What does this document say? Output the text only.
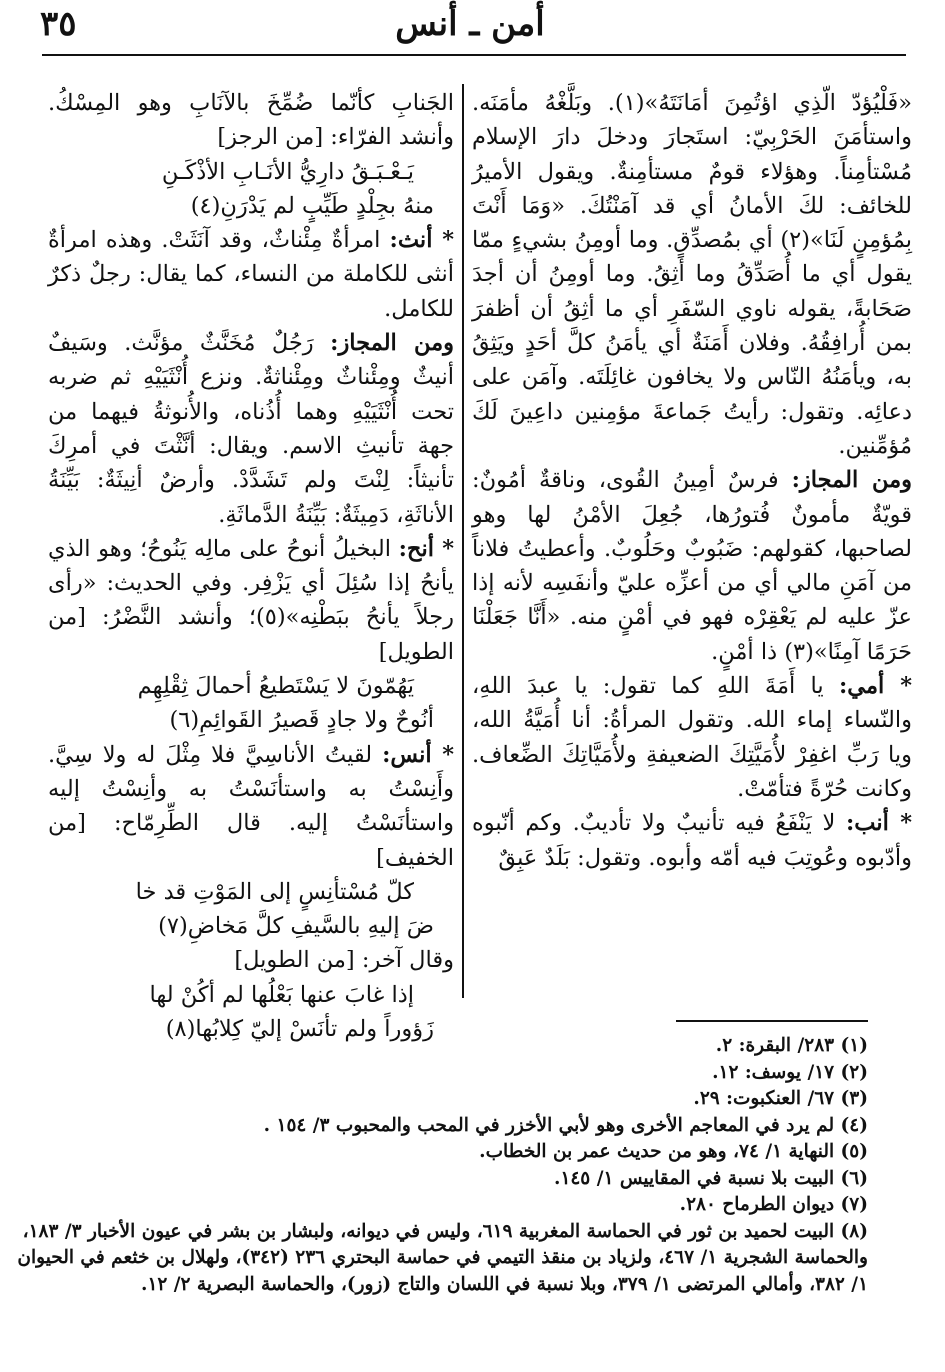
٣٥	أمن ـ أنس

«فَلْيُؤدّ الّذِي اؤتُمِنَ أمَانَتَهُ»(١). وبَلَّغْهُ مأمَنَه. واستأمَنَ الحَرْبِيّ: استَجارَ ودخلَ دارَ الإسلام مُسْتأمِناً. وهؤلاء قومٌ مستأمِنةٌ. ويقول الأميرُ للخائف: لكَ الأمانُ أي قد آمَنْتُكَ. «وَمَا أَنْتَ بِمُؤمِنٍ لَنَا»(٢) أي بمُصدِّقٍ. وما أومِنُ بشيءٍ ممّا يقول أي ما أُصَدِّقُ وما أثِقُ. وما أومِنُ أن أجدَ صَحَابةً، يقوله ناوي السّفَرِ أي ما أثِقُ أن أظفرَ بمن أُرافِقُهُ. وفلان أَمَنَةٌ أي يأمَنُ كلَّ أحَدٍ ويَثِقُ به، ويأمَنُهُ النّاس ولا يخافون غائِلَتَه. وآمَن على دعائِه. وتقول: رأيتُ جَماعةَ مؤمِنين داعِينَ لَكَ مُؤمِّنين.

ومن المجاز: فرسٌ أمِينُ القُوى، وناقةٌ أمُونٌ: قويّةٌ مأمونٌ فُتورُها، جُعِلَ الأمْنُ لها وهو لصاحبها، كقولهم: ضَبُوبٌ وحَلُوبٌ. وأعطيتُ فلاناً من آمَنِ مالي أي من أعزِّه عليّ وأنفَسِه لأنه إذا عزّ عليه لم يَعْقِرْه فهو في أمْنٍ منه. «أَنَّا جَعَلْنَا حَرَمًا آمِنًا»(٣) ذا أمْنٍ.

* أمي: يا أَمَةَ اللهِ كما تقول: يا عبدَ اللهِ، والنّساء إماء الله. وتقول المرأةُ: أنا أُمَيَّةُ الله، ويا رَبِّ اغفِرْ لأُمَيَّتِكَ الضعيفةِ ولأُمَيَّاتِكَ الضِّعاف. وكانت حُرّةً فتأمّتْ.

* أنب: لا يَنْفَعُ فيه تأنيبٌ ولا تأديبٌ. وكم أنّبوه وأدّبوه وعُوتِبَ فيه أمّه وأبوه. وتقول: بَلَدٌ عَبِقٌ

الجَنابِ كأنّما ضُمِّخَ بالآنَابِ وهو المِسْكُ. وأنشد الفرّاء: [من الرجز]

يَـعْـبَـقُ دارِيُّ الأنَـابِ الأذْكَـنِ
منهُ بجِلْدٍ طَيِّبٍ لم يَدْرَنِ(٤)

* أنث: امرأةٌ مِئْناثٌ، وقد آنَثَتْ. وهذه امرأةٌ أنثى للكاملة من النساء، كما يقال: رجلٌ ذكرٌ للكامل.

ومن المجاز: رَجُلٌ مُخَنَّثٌ مؤنَّث. وسَيفٌ أنيثٌ ومِئْناثٌ ومِئْناثةٌ. ونزع أُنْثَيَيْهِ ثم ضربه تحت أُنْثَيَيْهِ وهما أُذُناه، والأُنوثةُ فيهما من جهة تأنيثِ الاسم. ويقال: أنَّثْتَ في أمرِكَ تأنيثاً: لِنْتَ ولم تَشَدَّدْ. وأرضٌ أنِيثَةٌ: بَيِّنَةُ الأناثَةِ، دَمِيثَةٌ: بَيِّنَةُ الدَّماثَةِ.

* أنح: البخيلُ أنوحُ على مالِه يَنُوحُ؛ وهو الذي يأنحُ إذا سُئِلَ أي يَزْفِر. وفي الحديث: «رأى رجلاً يأنحُ ببَطْنِه»(٥)؛ وأنشد النَّضْرُ: [من الطويل]

يَهُمّونَ لا يَسْتَطيعُ أحمالَ ثِقْلِهِم
أنُوحٌ ولا جادٍ قَصيرُ القَوائِمِ(٦)

* أنس: لقيتُ الأناسِيَّ فلا مِثْلَ له ولا سِيَّ. وأَنِسْتُ به واستأنَسْتُ به وأنِسْتُ إليه واستأنَسْتُ إليه. قال الطِّرِمّاح: [من الخفيف]

كلّ مُسْتأنِسٍ إلى المَوْتِ قد خا
ضَ إليهِ بالسَّيفِ كلَّ مَخاضِ(٧)

وقال آخر: [من الطويل]

إذا غابَ عنها بَعْلُها لم أكُنْ لها
زَؤوراً ولم تأنَسْ إليّ كِلابُها(٨)
(١) ٢٨٣/ البقرة: ٢.
(٢) ١٧/ يوسف: ١٢.
(٣) ٦٧/ العنكبوت: ٢٩.
(٤) لم يرد في المعاجم الأخرى وهو لأبي الأخزر في المحب والمحبوب ٣/ ١٥٤ .
(٥) النهاية ١/ ٧٤، وهو من حديث عمر بن الخطاب.
(٦) البيت بلا نسبة في المقاييس ١/ ١٤٥.
(٧) ديوان الطرماح ٢٨٠.
(٨) البيت لحميد بن ثور في الحماسة المغربية ٦١٩، وليس في ديوانه، ولبشار بن بشر في عيون الأخبار ٣/ ١٨٣،
والحماسة الشجرية ١/ ٤٦٧، ولزياد بن منقذ التيمي في حماسة البحتري ٢٣٦ (٣٤٢)، ولهلال بن خثعم في الحيوان
١/ ٣٨٢، وأمالي المرتضى ١/ ٣٧٩، وبلا نسبة في اللسان والتاج (زور)، والحماسة البصرية ٢/ ١٢.
